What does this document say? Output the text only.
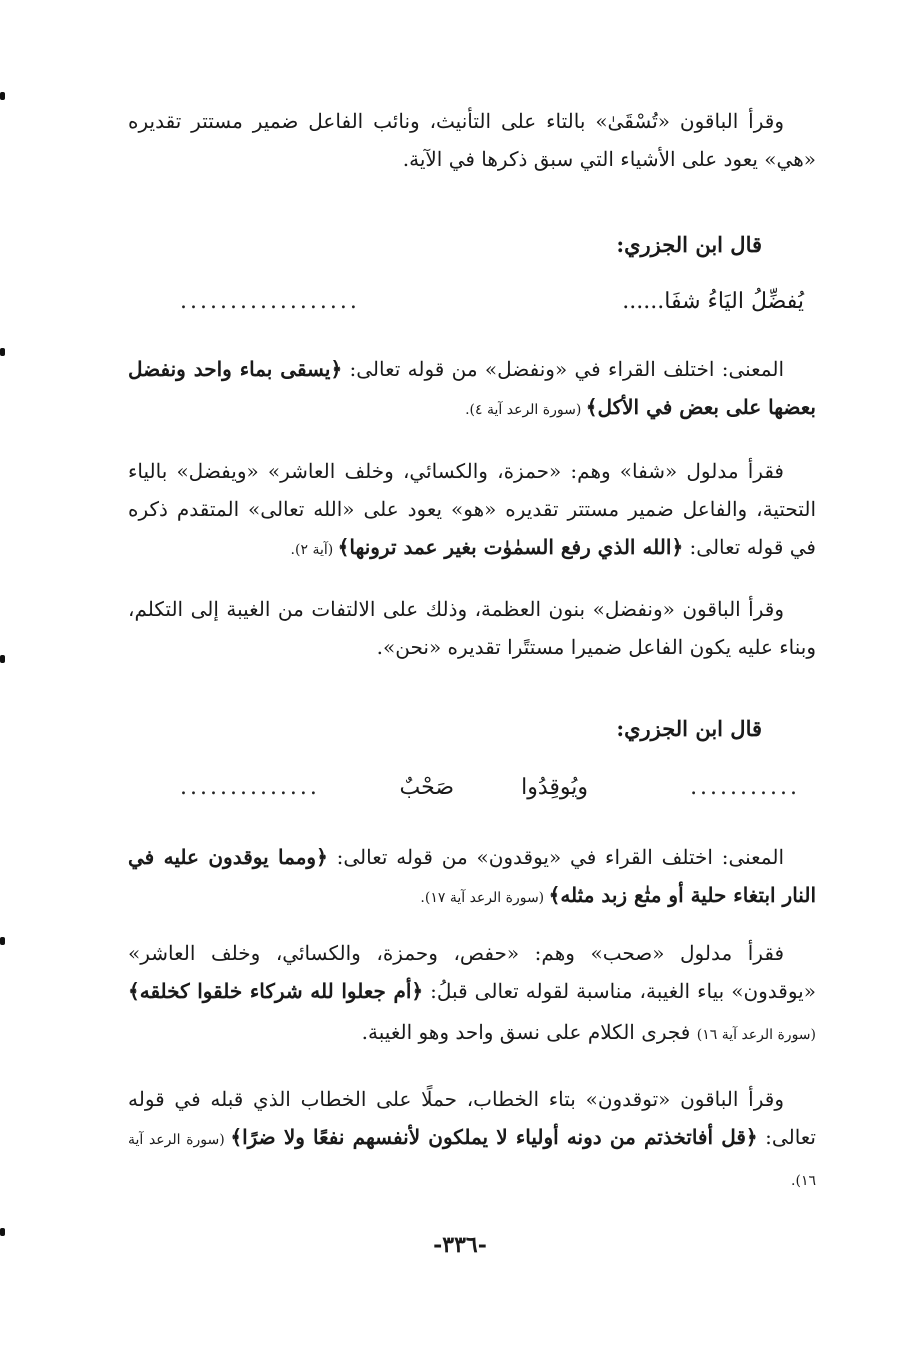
وقرأ الباقون «تُسْقَىٰ» بالتاء على التأنيث، ونائب الفاعل ضمير مستتر تقديره «هي» يعود على الأشياء التي سبق ذكرها في الآية.

قال ابن الجزري:

يُفضِّلُ اليَاءُ شفَا......
..................

المعنى: اختلف القراء في «ونفضل» من قوله تعالى: ﴿يسقى بماء واحد ونفضل بعضها على بعض في الأكل﴾ (سورة الرعد آية ٤).

فقرأ مدلول «شفا» وهم: «حمزة، والكسائي، وخلف العاشر» «ويفضل» بالياء التحتية، والفاعل ضمير مستتر تقديره «هو» يعود على «الله تعالى» المتقدم ذكره في قوله تعالى: ﴿الله الذي رفع السمٰوٰت بغير عمد ترونها﴾ (آية ٢).

وقرأ الباقون «ونفضل» بنون العظمة، وذلك على الالتفات من الغيبة إلى التكلم، وبناء عليه يكون الفاعل ضميرا مستتًرا تقديره «نحن».

قال ابن الجزري:

...........
ويُوقِدُوا
صَحْبٌ
..............

المعنى: اختلف القراء في «يوقدون» من قوله تعالى: ﴿ومما يوقدون عليه في النار ابتغاء حلية أو متٰع زبد مثله﴾ (سورة الرعد آية ١٧).

فقرأ مدلول «صحب» وهم: «حفص، وحمزة، والكسائي، وخلف العاشر» «يوقدون» بياء الغيبة، مناسبة لقوله تعالى قبلُ: ﴿أم جعلوا لله شركاء خلقوا كخلقه﴾ (سورة الرعد آية ١٦) فجرى الكلام على نسق واحد وهو الغيبة.

وقرأ الباقون «توقدون» بتاء الخطاب، حملًا على الخطاب الذي قبله في قوله تعالى: ﴿قل أفاتخذتم من دونه أولياء لا يملكون لأنفسهم نفعًا ولا ضرًا﴾ (سورة الرعد آية ١٦).

-٣٣٦-
